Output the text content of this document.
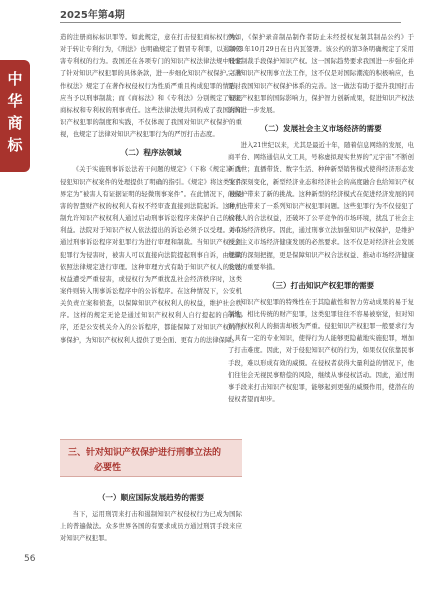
2025年第4期
中
华
商
标

造的注册商标标识罪等。如此规定，意在打击侵犯商标权行为。对于转让专利行为，《刑法》也明确规定了假冒专利罪，以遏制侵害专利权的行为。我国还在各项专门的知识产权法律法规中设定了针对知识产权犯罪的具体条款，进一步细化知识产权保护。《著作权法》规定了在著作权侵权行为性质严重且构成犯罪的情形，应当予以刑事制裁；而《商标法》和《专利法》分别规定了侵犯商标权和专利权的刑事责任。这些法律法规共同构成了我国对知识产权犯罪的制度和实践，不仅体现了我国对知识产权保护的重视，也规定了法律对知识产权犯罪行为的严厉打击态度。

（二）程序法领域

《关于实施刑事诉讼法若干问题的规定》（下称《规定》）为侵犯知识产权案件的处理提供了明确的指引。《规定》将这类案件界定为“被害人有证据证明的轻微刑事案件”。在此情况下，被侵害的智慧财产权的权利人有权不经审查直接到法院起诉。这种机制允许知识产权权利人通过启动刑事诉讼程序来保护自己的合法利益。法院对于知识产权人依法提出的诉讼必须予以受理。并在通过刑事诉讼程序对犯罪行为进行审理和制裁。当知识产权受到犯罪行为侵害时，被害人可以直接向法院提起刑事自诉，由法院依照法律规定进行审理。这种审理方式有助于知识产权人的合法权益遭受严重侵害，或侵权行为严重扰乱社会经济秩序时，这类案件则转入刑事诉讼程序中的公诉程序。在这种情况下，公安机关负责立案和侦查，以保障知识产权权利人的权益，维护社会秩序。这样的规定无论是通过知识产权权利人自行提起的自诉程序，还是公安机关介入的公诉程序，都能保障了对知识产权的刑事保护，为知识产权权利人提供了更全面、更有力的法律保障。

三、针对知识产权保护进行刑事立法的
必要性
（一）顺应国际发展趋势的需要

当下，运用刑罚来打击和遏制知识产权侵权行为已成为国际上的普遍做法。众多世界各国的有要求成员方通过刑罚手段来应对知识产权犯罪。

例如，《保护录音制品制作者防止未经授权复制其制品公约》于1971年10月29日在日内瓦签署。该公约的第3条明确规定了采用刑事制裁手段保护知识产权。这一国际趋势要求我国进一步强化并完善知识产权刑事立法工作，这不仅是对国际潮流的积极响应，也是对我国知识产权保护体系的完善。这一做法有助于提升我国打击知识产权犯罪的国际影响力，保护智力创新成果，促进知识产权法治的进一步发展。

（二）发展社会主义市场经济的需要

进入21世纪以来，尤其是最近十年，随着信息网络的发展，电商平台、网络通信从文工具，号称虚拟现实世界的“元宇宙”不断创新面世；直播带货、数字生活、种种新型销售模式使得经济形态发生了深刻变化，新型经济业态和经济社会的高度融合也给知识产权的保护带来了新的挑战。这种新型的经济模式在促进经济发展的同时，也带来了一系列知识产权犯罪问题。这些犯罪行为不仅侵犯了权利人的合法权益，还破坏了公平竞争的市场环境，扰乱了社会主义市场经济秩序。因此，通过刑事立法加强知识产权保护，是维护社会主义市场经济健康发展的必然要求。这不仅是对经济社会发展规律的深刻把握，更是保障知识产权合法权益、推动市场经济健康发展的重要举措。

（三）打击知识产权犯罪的需要

知识产权犯罪的特殊性在于其隐蔽性和智力劳动成果的易于复制性。相比传统的财产犯罪，这类犯罪往往不容易被察觉，但对知识产权权利人的损害却极为严重。侵犯知识产权犯罪一般要求行为人具有一定的专业知识，使得行为人能够更隐蔽地实施犯罪，增加了打击难度。因此，对于侵犯知识产权的行为，如果仅仅依靠民事手段，难以形成有效的威慑。在侵权者获得大量利益的情况下，他们往往会无视民事赔偿的风险，继续从事侵权活动。因此，通过刑事手段来打击知识产权犯罪，能够起到更强的威慑作用，使潜在的侵权者望而却步。

56
